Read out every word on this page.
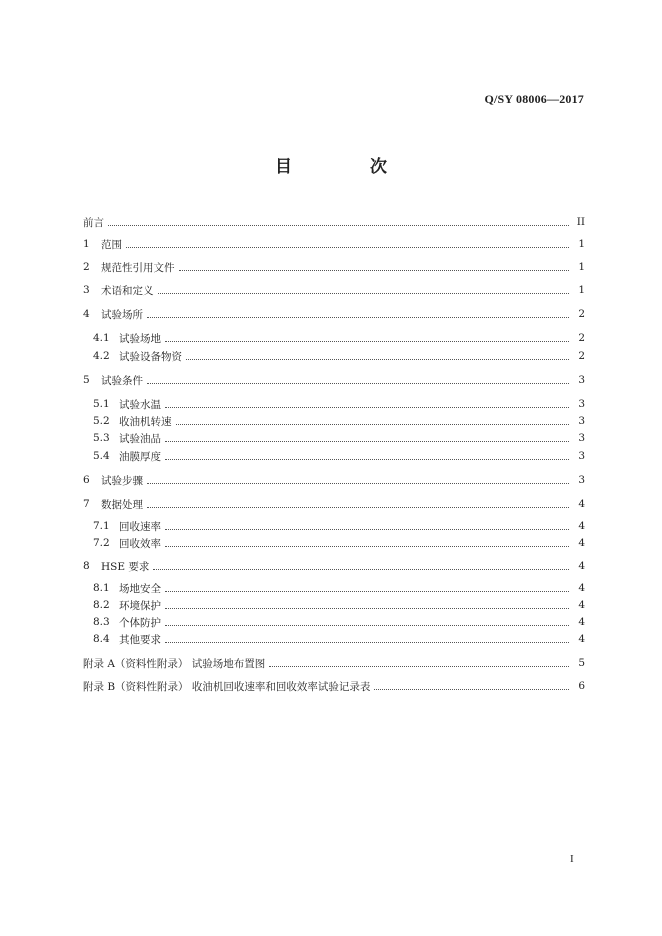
Q/SY 08006—2017
目 次
前言	II
1	范围	1
2	规范性引用文件	1
3	术语和定义	1
4	试验场所	2
4.1 试验场地	2
4.2 试验设备物资	2
5	试验条件	3
5.1 试验水温	3
5.2 收油机转速	3
5.3 试验油品	3
5.4 油膜厚度	3
6	试验步骤	3
7	数据处理	4
7.1 回收速率	4
7.2 回收效率	4
8	HSE 要求	4
8.1 场地安全	4
8.2 环境保护	4
8.3 个体防护	4
8.4 其他要求	4
附录 A（资料性附录） 试验场地布置图	5
附录 B（资料性附录） 收油机回收速率和回收效率试验记录表	6
I
